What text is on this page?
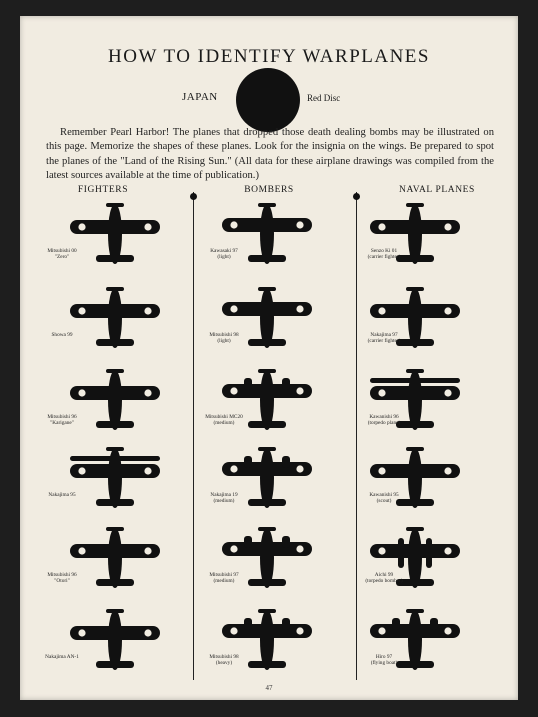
HOW TO IDENTIFY WARPLANES
JAPAN	Red Disc
Remember Pearl Harbor! The planes that dropped those death dealing bombs may be illustrated on this page. Memorize the shapes of these planes. Look for the insignia on the wings. Be prepared to spot the planes of the "Land of the Rising Sun." (All data for these airplane drawings was compiled from the latest sources available at the time of publication.)
FIGHTERS	BOMBERS	NAVAL PLANES
Mitsubishi 00
"Zero"
Showa 99
Mitsubishi 96
"Karigane"
Nakajima 95
Mitsubishi 96
"Otori"
Nakajima AN-1
Kawasaki 97
(light)
Mitsubishi 98
(light)
Mitsubishi MC20
(medium)
Nakajima 19
(medium)
Mitsubishi 97
(medium)
Mitsubishi 98
(heavy)
Senzo Ki 01
(carrier fighter)
Nakajima 97
(carrier fighter)
Kawanishi 96
(torpedo plane)
Kawanishi 95
(scout)
Aichi 99
(torpedo bomber)
Hiro 97
(flying boat)
47
